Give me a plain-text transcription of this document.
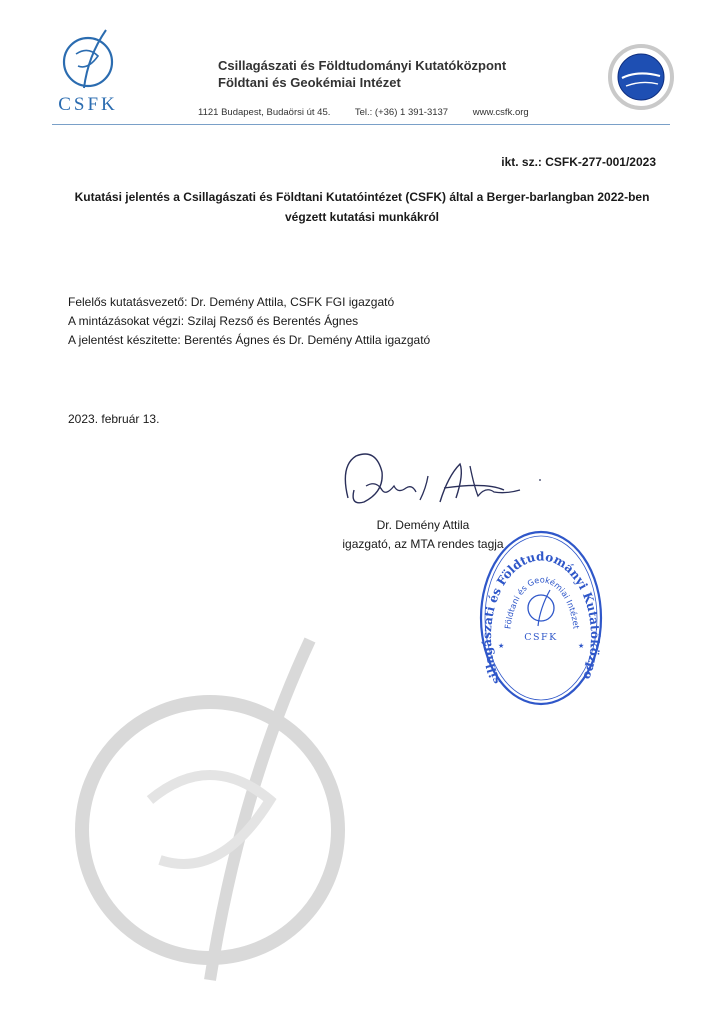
CSFK
Csillagászati és Földtudományi Kutatóközpont
Földtani és Geokémiai Intézet
1121 Budapest, Budaörsi út 45.	Tel.: (+36) 1 391-3137	www.csfk.org
ikt. sz.: CSFK-277-001/2023
Kutatási jelentés a Csillagászati és Földtani Kutatóintézet (CSFK) által a Berger-barlangban 2022-ben végzett kutatási munkákról
Felelős kutatásvezető: Dr. Demény Attila, CSFK FGI igazgató
A mintázásokat végzi: Szilaj Rezső és Berentés Ágnes
A jelentést készitette: Berentés Ágnes és Dr. Demény Attila igazgató
2023. február 13.
Dr. Demény Attila
igazgató, az MTA rendes tagja
sillagászati és Földtudományi Kutatóközpo
Földtani és Geokémiai Intézet
CSFK
★	★
